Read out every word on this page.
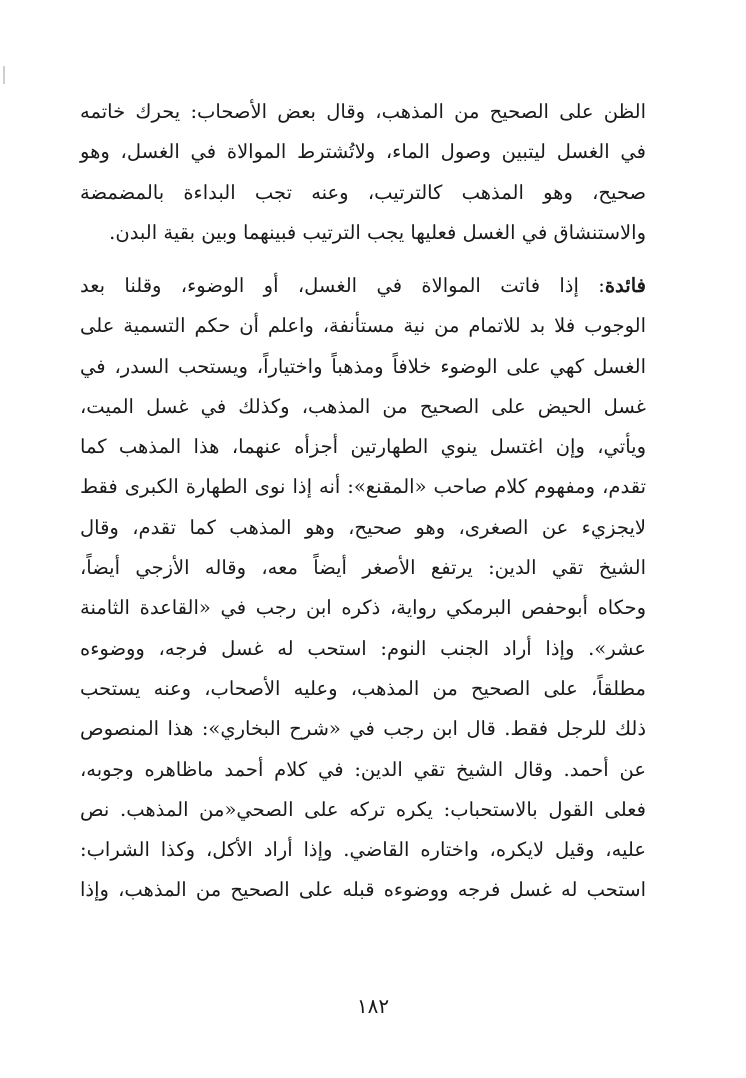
الظن على الصحيح من المذهب، وقال بعض الأصحاب: يحرك خاتمه
في الغسل ليتبين وصول الماء، ولاتُشترط الموالاة في الغسل، وهو
صحيح، وهو المذهب كالترتيب، وعنه تجب البداءة بالمضمضة
والاستنشاق في الغسل فعليها يجب الترتيب فبينهما وبين بقية البدن.
فائدة: إذا فاتت الموالاة في الغسل، أو الوضوء، وقلنا بعد
الوجوب فلا بد للاتمام من نية مستأنفة، واعلم أن حكم التسمية على
الغسل كهي على الوضوء خلافاً ومذهباً واختياراً، ويستحب السدر، في
غسل الحيض على الصحيح من المذهب، وكذلك في غسل الميت،
ويأتي، وإن اغتسل ينوي الطهارتين أجزأه عنهما، هذا المذهب كما
تقدم، ومفهوم كلام صاحب «المقنع»: أنه إذا نوى الطهارة الكبرى فقط
لايجزيء عن الصغرى، وهو صحيح، وهو المذهب كما تقدم، وقال
الشيخ تقي الدين: يرتفع الأصغر أيضاً معه، وقاله الأزجي أيضاً،
وحكاه أبوحفص البرمكي رواية، ذكره ابن رجب في «القاعدة الثامنة
عشر». وإذا أراد الجنب النوم: استحب له غسل فرجه، ووضوءه
مطلقاً، على الصحيح من المذهب، وعليه الأصحاب، وعنه يستحب
ذلك للرجل فقط. قال ابن رجب في «شرح البخاري»: هذا المنصوص
عن أحمد. وقال الشيخ تقي الدين: في كلام أحمد ماظاهره وجوبه،
فعلى القول بالاستحباب: يكره تركه على الصحي«من المذهب. نص
عليه، وقيل لايكره، واختاره القاضي. وإذا أراد الأكل، وكذا الشراب:
استحب له غسل فرجه ووضوءه قبله على الصحيح من المذهب، وإذا
١٨٢
